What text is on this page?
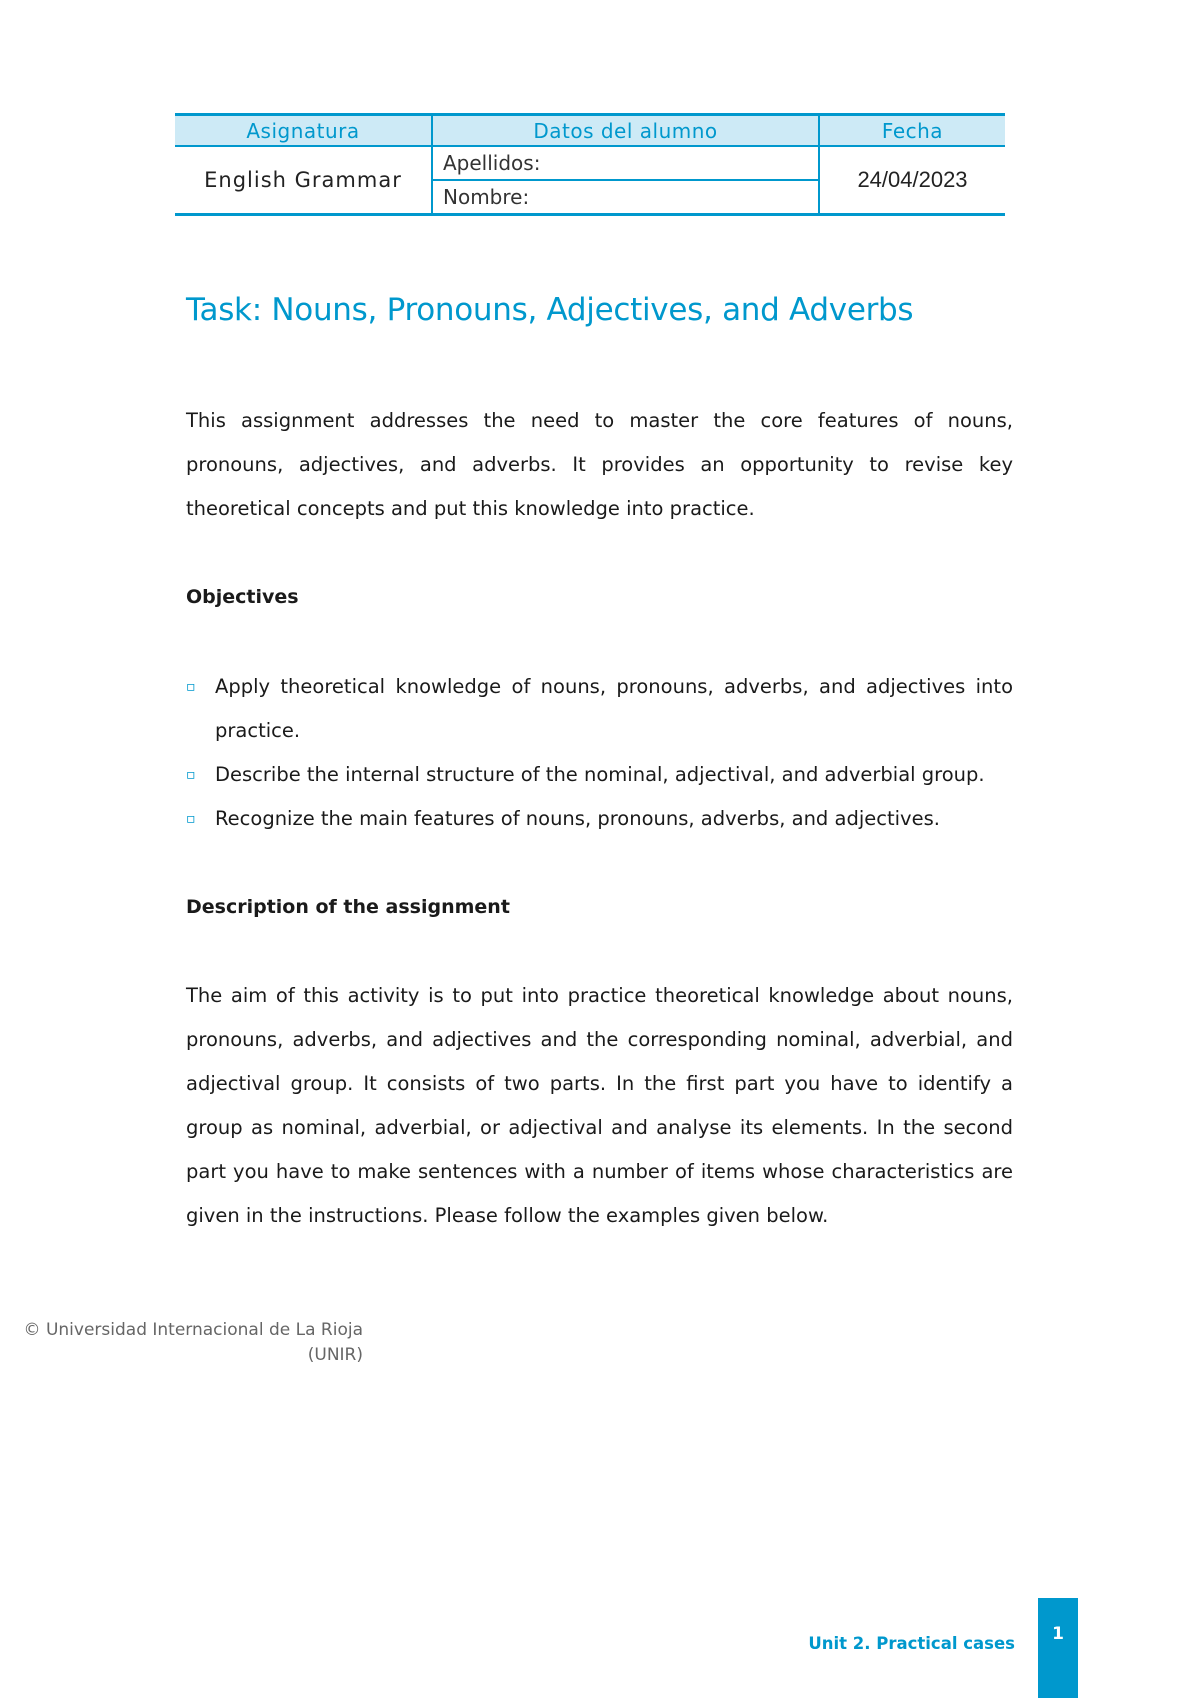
Asignatura	Datos del alumno	Fecha
English Grammar	Apellidos:	24/04/2023
	Nombre:	
Task: Nouns, Pronouns, Adjectives, and Adverbs

This assignment addresses the need to master the core features of nouns, pronouns, adjectives, and adverbs. It provides an opportunity to revise key theoretical concepts and put this knowledge into practice.

Objectives
▫ Apply theoretical knowledge of nouns, pronouns, adverbs, and adjectives into practice.
▫ Describe the internal structure of the nominal, adjectival, and adverbial group.
▫ Recognize the main features of nouns, pronouns, adverbs, and adjectives.
Description of the assignment

The aim of this activity is to put into practice theoretical knowledge about nouns, pronouns, adverbs, and adjectives and the corresponding nominal, adverbial, and adjectival group. It consists of two parts. In the first part you have to identify a group as nominal, adverbial, or adjectival and analyse its elements. In the second part you have to make sentences with a number of items whose characteristics are given in the instructions. Please follow the examples given below.

© Universidad Internacional de La Rioja
(UNIR)

Unit 2. Practical cases	1
